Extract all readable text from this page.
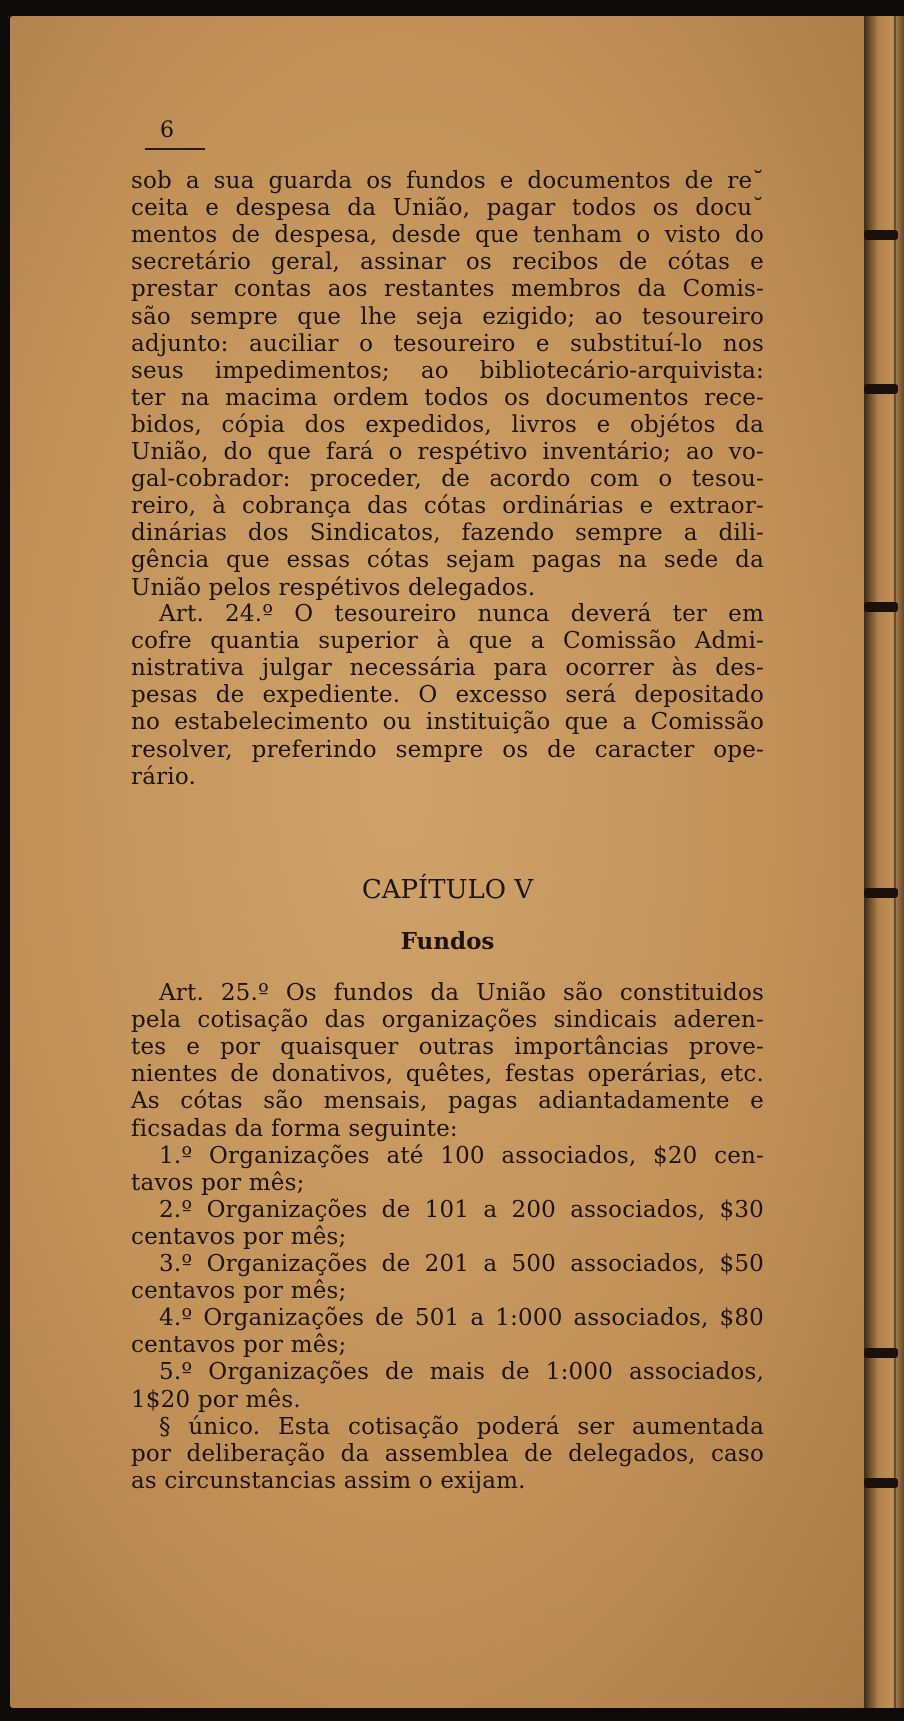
6
sob a sua guarda os fundos e documentos de re˘
ceita e despesa da União, pagar todos os docu˘
mentos de despesa, desde que tenham o visto do
secretário geral, assinar os recibos de cótas e
prestar contas aos restantes membros da Comis-
são sempre que lhe seja ezigido; ao tesoureiro
adjunto: auciliar o tesoureiro e substituí-lo nos
seus impedimentos; ao bibliotecário-arquivista:
ter na macima ordem todos os documentos rece-
bidos, cópia dos expedidos, livros e objétos da
União, do que fará o respétivo inventário; ao vo-
gal-cobrador: proceder, de acordo com o tesou-
reiro, à cobrança das cótas ordinárias e extraor-
dinárias dos Sindicatos, fazendo sempre a dili-
gência que essas cótas sejam pagas na sede da
União pelos respétivos delegados.
Art. 24.º O tesoureiro nunca deverá ter em
cofre quantia superior à que a Comissão Admi-
nistrativa julgar necessária para ocorrer às des-
pesas de expediente. O excesso será depositado
no estabelecimento ou instituição que a Comissão
resolver, preferindo sempre os de caracter ope-
rário.
CAPÍTULO V
Fundos
Art. 25.º Os fundos da União são constituidos
pela cotisação das organizações sindicais aderen-
tes e por quaisquer outras importâncias prove-
nientes de donativos, quêtes, festas operárias, etc.
As cótas são mensais, pagas adiantadamente e
ficsadas da forma seguinte:
1.º Organizações até 100 associados, $20 cen-
tavos por mês;
2.º Organizações de 101 a 200 associados, $30
centavos por mês;
3.º Organizações de 201 a 500 associados, $50
centavos por mês;
4.º Organizações de 501 a 1:000 associados, $80
centavos por mês;
5.º Organizações de mais de 1:000 associados,
1$20 por mês.
§ único. Esta cotisação poderá ser aumentada
por deliberação da assemblea de delegados, caso
as circunstancias assim o exijam.
